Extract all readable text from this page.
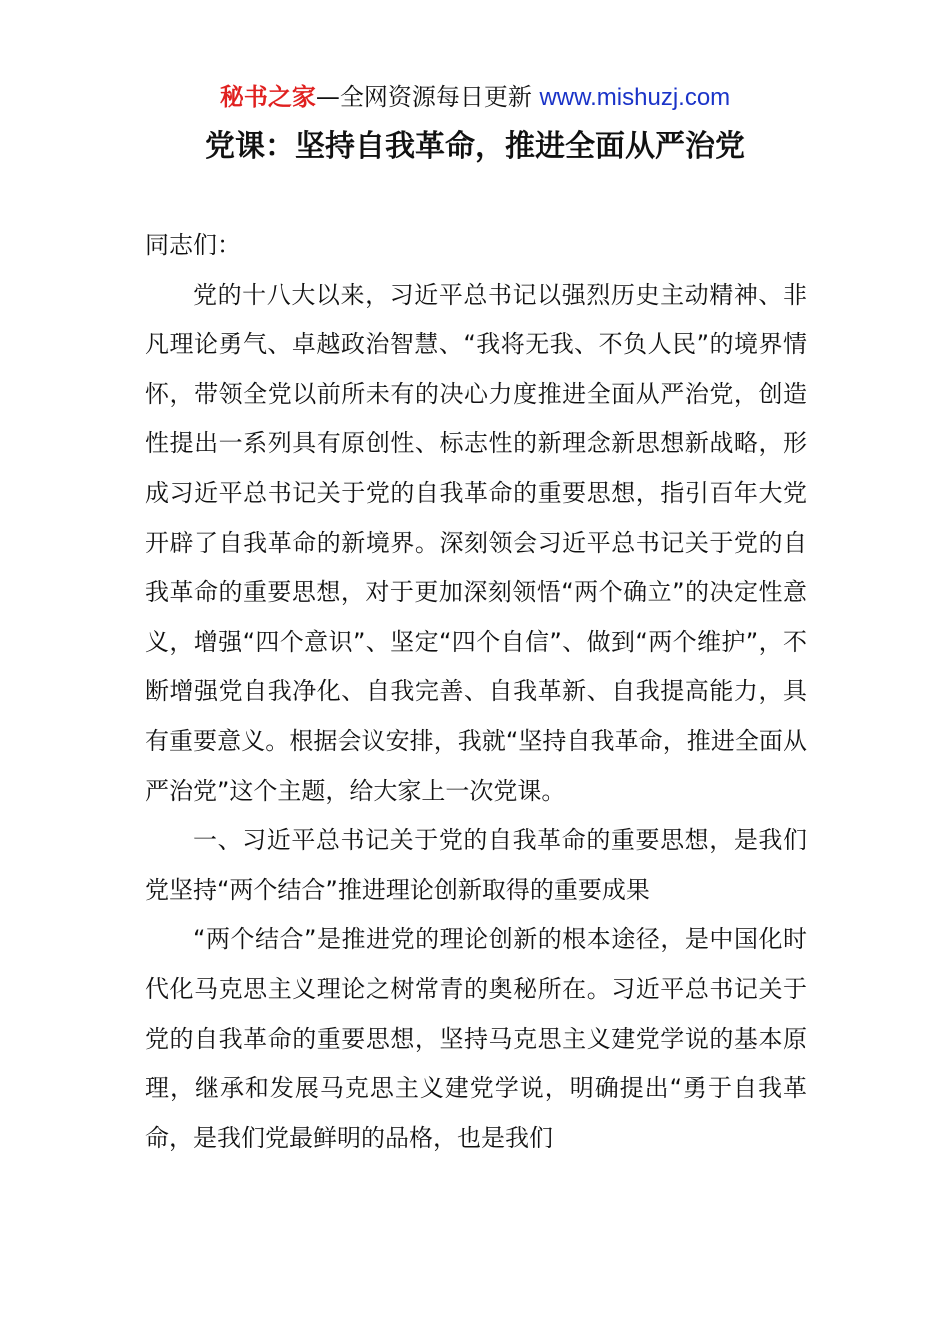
秘书之家—全网资源每日更新 www.mishuzj.com
党课：坚持自我革命，推进全面从严治党

同志们：

党的十八大以来，习近平总书记以强烈历史主动精神、非凡理论勇气、卓越政治智慧、“我将无我、不负人民”的境界情怀，带领全党以前所未有的决心力度推进全面从严治党，创造性提出一系列具有原创性、标志性的新理念新思想新战略，形成习近平总书记关于党的自我革命的重要思想，指引百年大党开辟了自我革命的新境界。深刻领会习近平总书记关于党的自我革命的重要思想，对于更加深刻领悟“两个确立”的决定性意义，增强“四个意识”、坚定“四个自信”、做到“两个维护”，不断增强党自我净化、自我完善、自我革新、自我提高能力，具有重要意义。根据会议安排，我就“坚持自我革命，推进全面从严治党”这个主题，给大家上一次党课。

一、习近平总书记关于党的自我革命的重要思想，是我们党坚持“两个结合”推进理论创新取得的重要成果

“两个结合”是推进党的理论创新的根本途径，是中国化时代化马克思主义理论之树常青的奥秘所在。习近平总书记关于党的自我革命的重要思想，坚持马克思主义建党学说的基本原理，继承和发展马克思主义建党学说，明确提出“勇于自我革命，是我们党最鲜明的品格，也是我们
